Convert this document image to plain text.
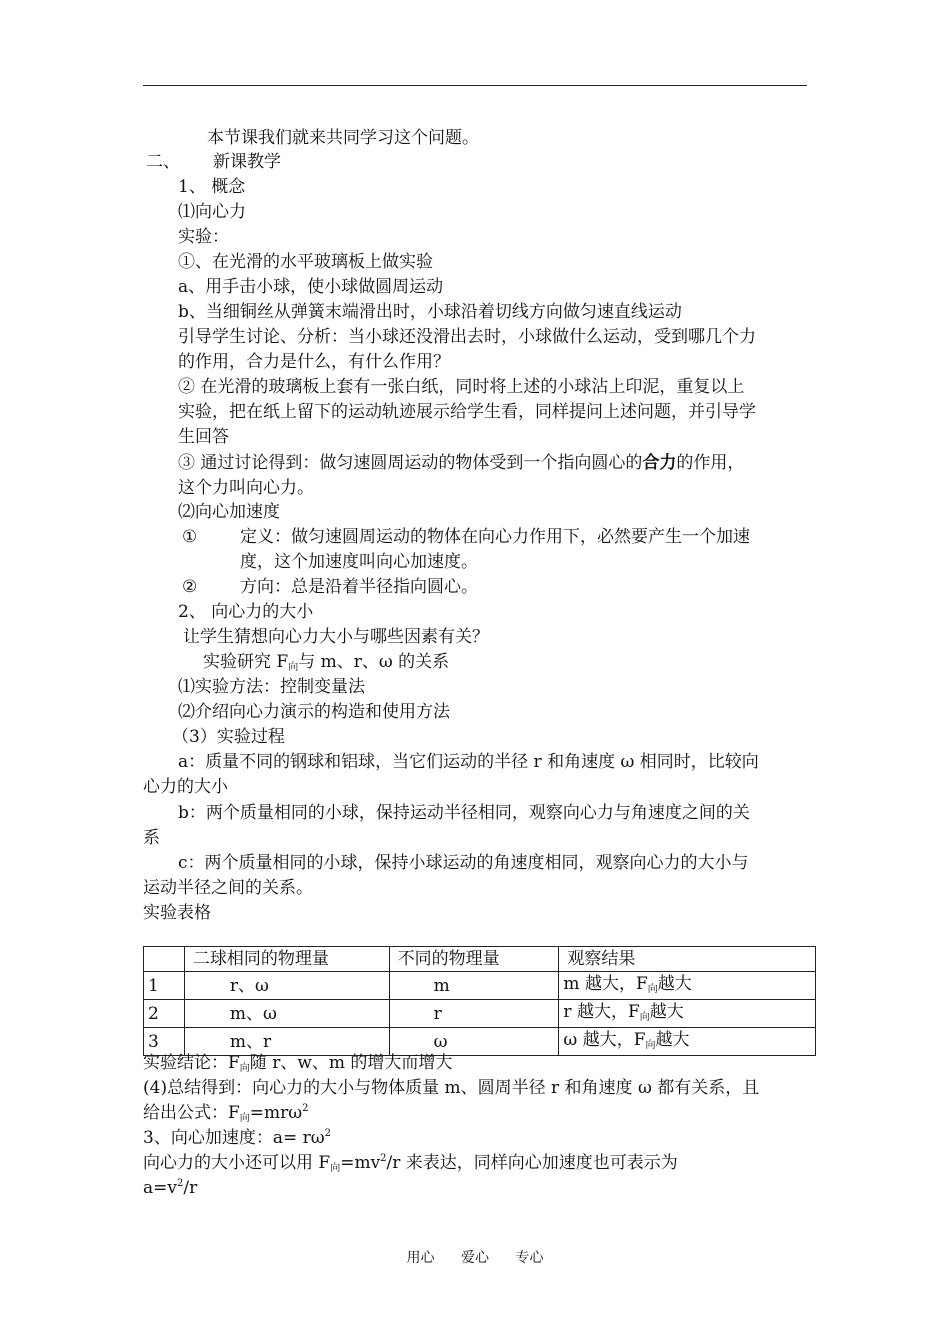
本节课我们就来共同学习这个问题。
二、 新课教学
1、 概念
⑴向心力
实验：
①、在光滑的水平玻璃板上做实验
a、用手击小球，使小球做圆周运动
b、当细铜丝从弹簧末端滑出时，小球沿着切线方向做匀速直线运动
引导学生讨论、分析：当小球还没滑出去时，小球做什么运动，受到哪几个力
的作用，合力是什么，有什么作用？
② 在光滑的玻璃板上套有一张白纸，同时将上述的小球沾上印泥，重复以上
实验，把在纸上留下的运动轨迹展示给学生看，同样提问上述问题，并引导学
生回答
③ 通过讨论得到：做匀速圆周运动的物体受到一个指向圆心的合力的作用，
这个力叫向心力。
⑵向心加速度
①	定义：做匀速圆周运动的物体在向心力作用下，必然要产生一个加速
度，这个加速度叫向心加速度。
②	方向：总是沿着半径指向圆心。
2、 向心力的大小
让学生猜想向心力大小与哪些因素有关？
实验研究 F向与 m、r、ω 的关系
⑴实验方法：控制变量法
⑵介绍向心力演示的构造和使用方法
（3）实验过程
a：质量不同的钢球和铝球，当它们运动的半径 r 和角速度 ω 相同时，比较向
心力的大小
b：两个质量相同的小球，保持运动半径相同，观察向心力与角速度之间的关
系
c：两个质量相同的小球，保持小球运动的角速度相同，观察向心力的大小与
运动半径之间的关系。
实验表格
	二球相同的物理量	不同的物理量	观察结果
1	r、ω	m	m 越大，F向越大
2	m、ω	r	r 越大，F向越大
3	m、r	ω	ω 越大，F向越大
实验结论：F向随 r、w、m 的增大而增大
(4)总结得到：向心力的大小与物体质量 m、圆周半径 r 和角速度 ω 都有关系，且
给出公式：F向=mrω$^2$
3、向心加速度：$a= r\omega^2$
向心力的大小还可以用 F向$=mv^2/r$ 来表达，同样向心加速度也可表示为
$a=v^2/r$
用心 爱心 专心
